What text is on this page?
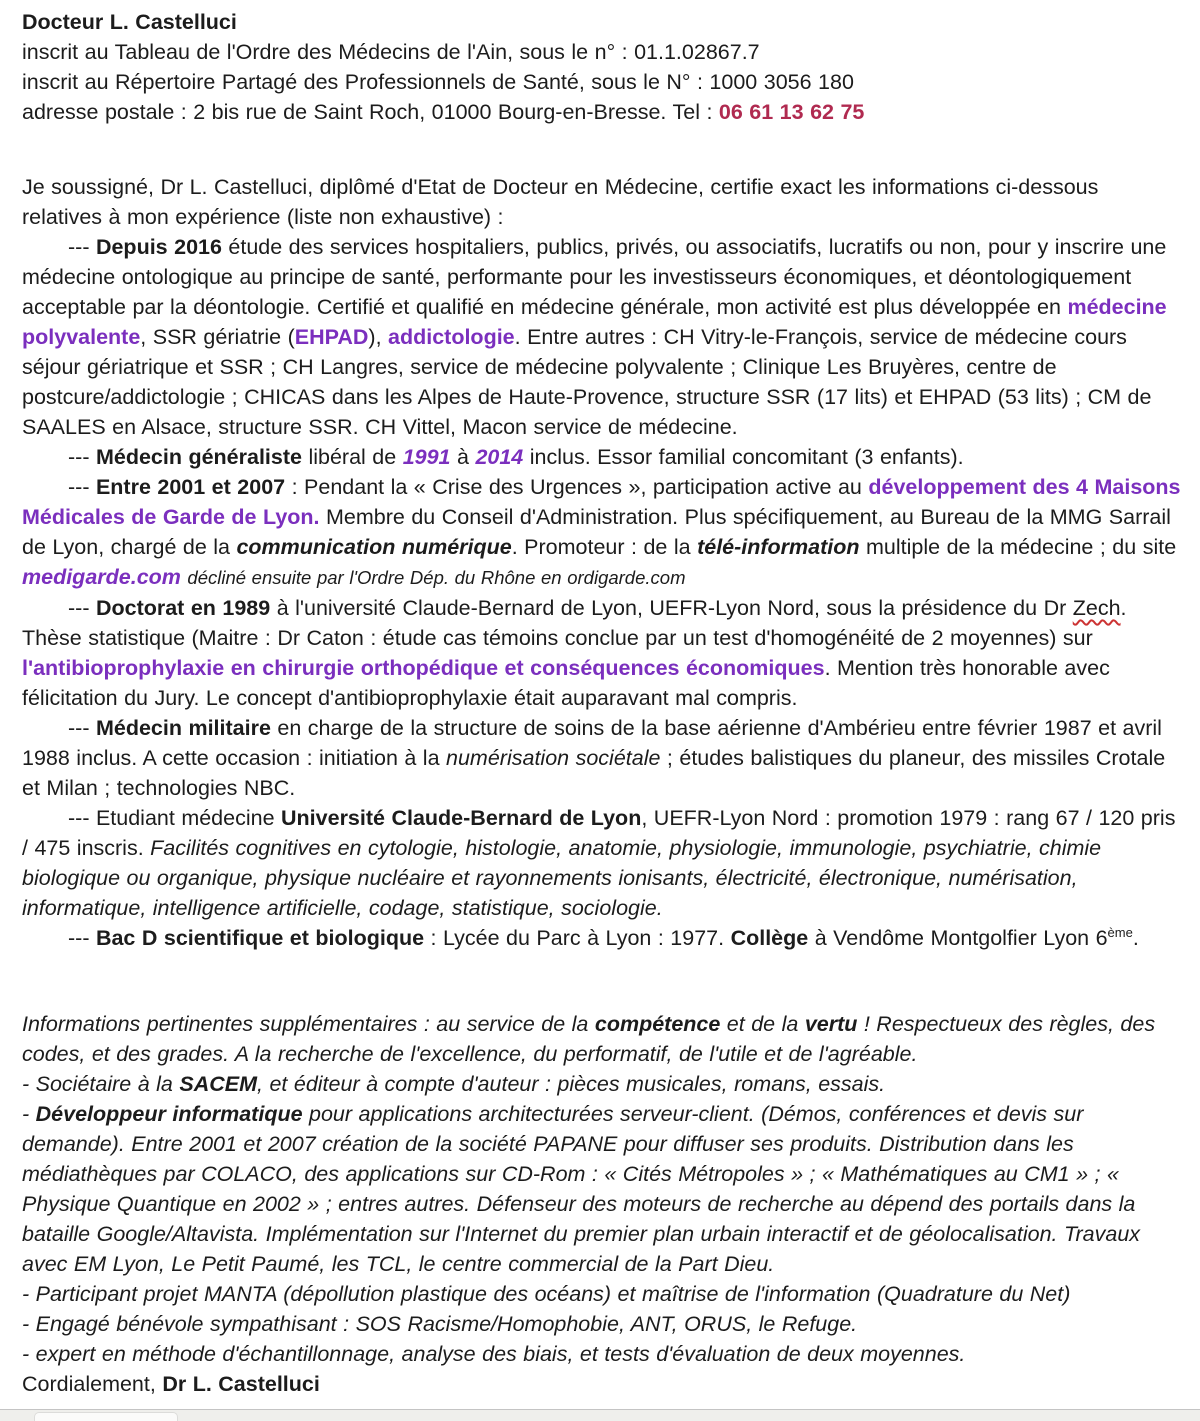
Docteur L. Castelluci

inscrit au Tableau de l'Ordre des Médecins de l'Ain, sous le n° : 01.1.02867.7

inscrit au Répertoire Partagé des Professionnels de Santé, sous le N° : 1000 3056 180

adresse postale : 2 bis rue de Saint Roch, 01000 Bourg-en-Bresse. Tel : 06 61 13 62 75

Je soussigné, Dr L. Castelluci, diplômé d'Etat de Docteur en Médecine, certifie exact les informations ci-dessous relatives à mon expérience (liste non exhaustive) :

--- Depuis 2016 étude des services hospitaliers, publics, privés, ou associatifs, lucratifs ou non, pour y inscrire une médecine ontologique au principe de santé, performante pour les investisseurs économiques, et déontologiquement acceptable par la déontologie. Certifié et qualifié en médecine générale, mon activité est plus développée en médecine polyvalente, SSR gériatrie (EHPAD), addictologie. Entre autres : CH Vitry-le-François, service de médecine cours séjour gériatrique et SSR ; CH Langres, service de médecine polyvalente ; Clinique Les Bruyères, centre de postcure/addictologie ; CHICAS dans les Alpes de Haute-Provence, structure SSR (17 lits) et EHPAD (53 lits) ; CM de SAALES en Alsace, structure SSR. CH Vittel, Macon service de médecine.

--- Médecin généraliste libéral de 1991 à 2014 inclus. Essor familial concomitant (3 enfants).

--- Entre 2001 et 2007 : Pendant la « Crise des Urgences », participation active au développement des 4 Maisons Médicales de Garde de Lyon. Membre du Conseil d'Administration. Plus spécifiquement, au Bureau de la MMG Sarrail de Lyon, chargé de la communication numérique. Promoteur : de la télé-information multiple de la médecine ; du site medigarde.com décliné ensuite par l'Ordre Dép. du Rhône en ordigarde.com

--- Doctorat en 1989 à l'université Claude-Bernard de Lyon, UEFR-Lyon Nord, sous la présidence du Dr Zech. Thèse statistique (Maitre : Dr Caton : étude cas témoins conclue par un test d'homogénéité de 2 moyennes) sur l'antibioprophylaxie en chirurgie orthopédique et conséquences économiques. Mention très honorable avec félicitation du Jury. Le concept d'antibioprophylaxie était auparavant mal compris.

--- Médecin militaire en charge de la structure de soins de la base aérienne d'Ambérieu entre février 1987 et avril 1988 inclus. A cette occasion : initiation à la numérisation sociétale ; études balistiques du planeur, des missiles Crotale et Milan ; technologies NBC.

--- Etudiant médecine Université Claude-Bernard de Lyon, UEFR-Lyon Nord : promotion 1979 : rang 67 / 120 pris / 475 inscris. Facilités cognitives en cytologie, histologie, anatomie, physiologie, immunologie, psychiatrie, chimie biologique ou organique, physique nucléaire et rayonnements ionisants, électricité, électronique, numérisation, informatique, intelligence artificielle, codage, statistique, sociologie.

--- Bac D scientifique et biologique : Lycée du Parc à Lyon : 1977. Collège à Vendôme Montgolfier Lyon 6ème.

Informations pertinentes supplémentaires : au service de la compétence et de la vertu ! Respectueux des règles, des codes, et des grades. A la recherche de l'excellence, du performatif, de l'utile et de l'agréable.

- Sociétaire à la SACEM, et éditeur à compte d'auteur : pièces musicales, romans, essais.

- Développeur informatique pour applications architecturées serveur-client. (Démos, conférences et devis sur demande). Entre 2001 et 2007 création de la société PAPANE pour diffuser ses produits. Distribution dans les médiathèques par COLACO, des applications sur CD-Rom : « Cités Métropoles » ; « Mathématiques au CM1 » ; « Physique Quantique en 2002 » ; entres autres. Défenseur des moteurs de recherche au dépend des portails dans la bataille Google/Altavista. Implémentation sur l'Internet du premier plan urbain interactif et de géolocalisation. Travaux avec EM Lyon, Le Petit Paumé, les TCL, le centre commercial de la Part Dieu.

- Participant projet MANTA (dépollution plastique des océans) et maîtrise de l'information (Quadrature du Net)

- Engagé bénévole sympathisant : SOS Racisme/Homophobie, ANT, ORUS, le Refuge.

- expert en méthode d'échantillonnage, analyse des biais, et tests d'évaluation de deux moyennes.

Cordialement, Dr L. Castelluci
